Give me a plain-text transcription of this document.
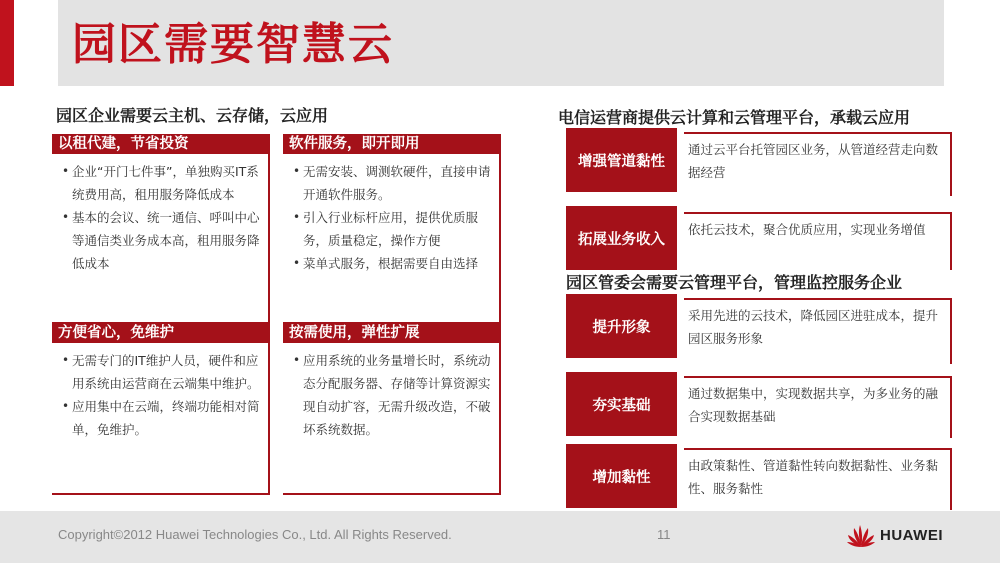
园区需要智慧云
园区企业需要云主机、云存储，云应用
以租代建，节省投资
• 企业“开门七件事”，单独购买IT系统费用高，租用服务降低成本
• 基本的会议、统一通信、呼叫中心等通信类业务成本高，租用服务降低成本
软件服务，即开即用
• 无需安装、调测软硬件，直接申请开通软件服务。
• 引入行业标杆应用，提供优质服务，质量稳定，操作方便
• 菜单式服务，根据需要自由选择
方便省心，免维护
• 无需专门的IT维护人员，硬件和应用系统由运营商在云端集中维护。
• 应用集中在云端，终端功能相对简单，免维护。
按需使用，弹性扩展
• 应用系统的业务量增长时，系统动态分配服务器、存储等计算资源实现自动扩容，无需升级改造，不破坏系统数据。
电信运营商提供云计算和云管理平台，承载云应用
园区管委会需要云管理平台，管理监控服务企业
增强管道黏性
通过云平台托管园区业务，从管道经营走向数据经营
拓展业务收入
依托云技术，聚合优质应用，实现业务增值
提升形象
采用先进的云技术，降低园区进驻成本，提升园区服务形象
夯实基础
通过数据集中，实现数据共享，为多业务的融合实现数据基础
增加黏性
由政策黏性、管道黏性转向数据黏性、业务黏性、服务黏性
Copyright©2012 Huawei Technologies Co., Ltd. All Rights Reserved.	11	HUAWEI
